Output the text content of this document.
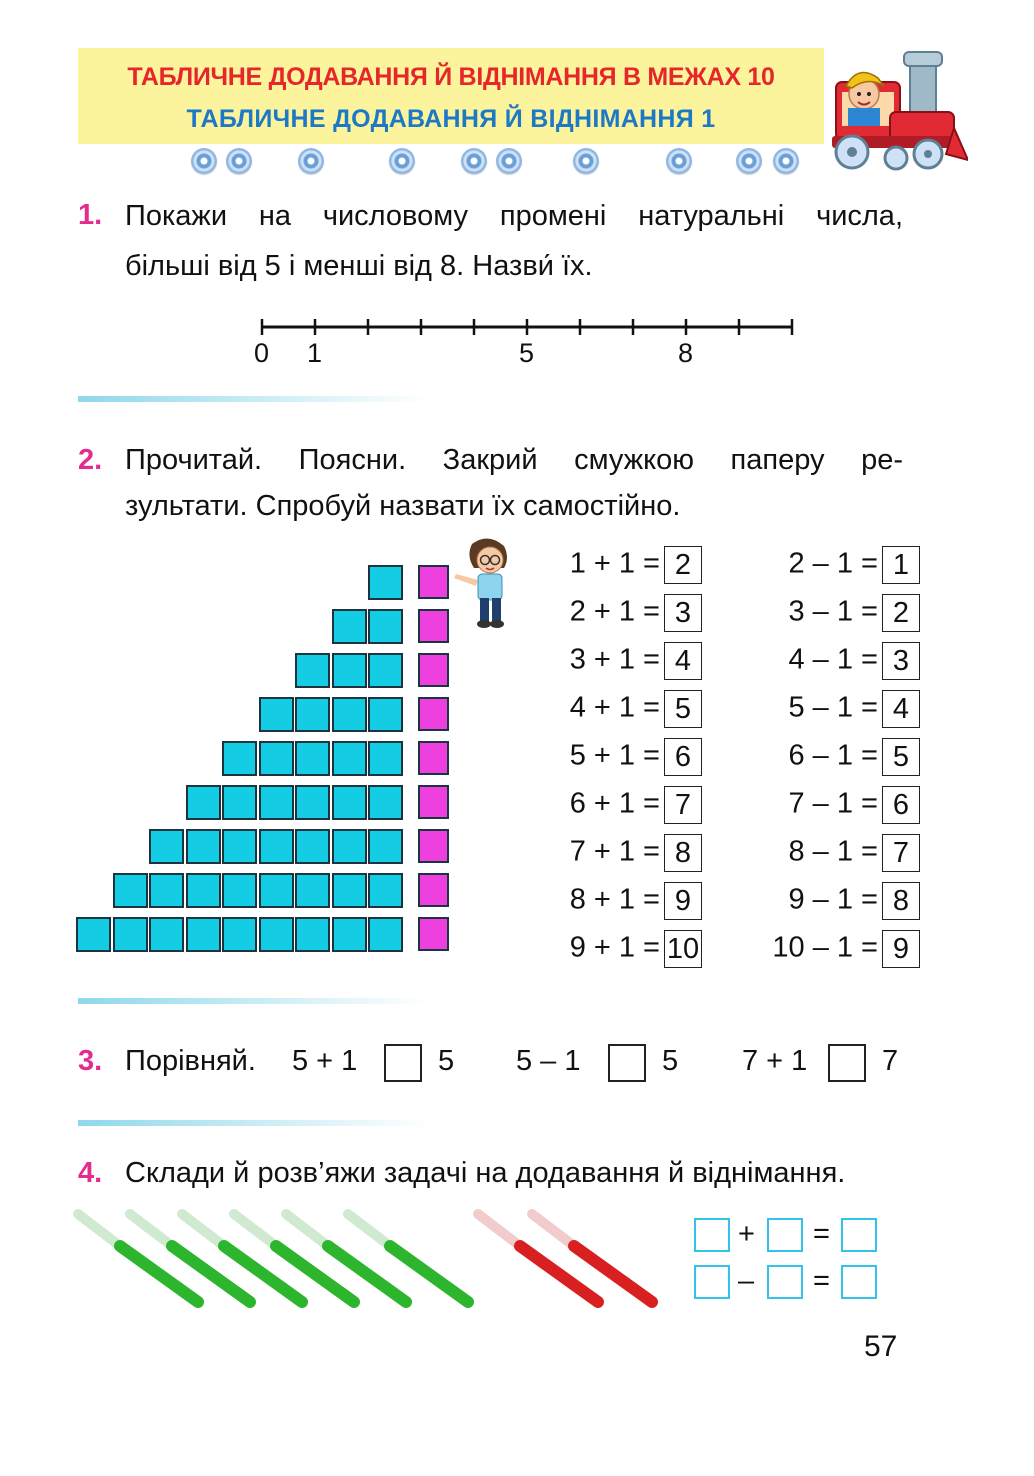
ТАБЛИЧНЕ ДОДАВАННЯ Й ВІДНІМАННЯ В МЕЖАХ 10
ТАБЛИЧНЕ ДОДАВАННЯ Й ВІДНІМАННЯ 1
1. Покажи на числовому промені натуральні числа,
більші від 5 і менші від 8. Назви́ їх.
0 1	5	8
2. Прочитай. Поясни. Закрий смужкою паперу ре-
зультати. Спробуй назвати їх самостійно.
1 + 1 = 2
2 + 1 = 3
3 + 1 = 4
4 + 1 = 5
5 + 1 = 6
6 + 1 = 7
7 + 1 = 8
8 + 1 = 9
9 + 1 = 10
2 – 1 = 1
3 – 1 = 2
4 – 1 = 3
5 – 1 = 4
6 – 1 = 5
7 – 1 = 6
8 – 1 = 7
9 – 1 = 8
10 – 1 = 9
3. Порівняй. 5 + 1	5 5 – 1	5 7 + 1	7
4. Склади й розв’яжи задачі на додавання й віднімання.
+ =
– =
57
